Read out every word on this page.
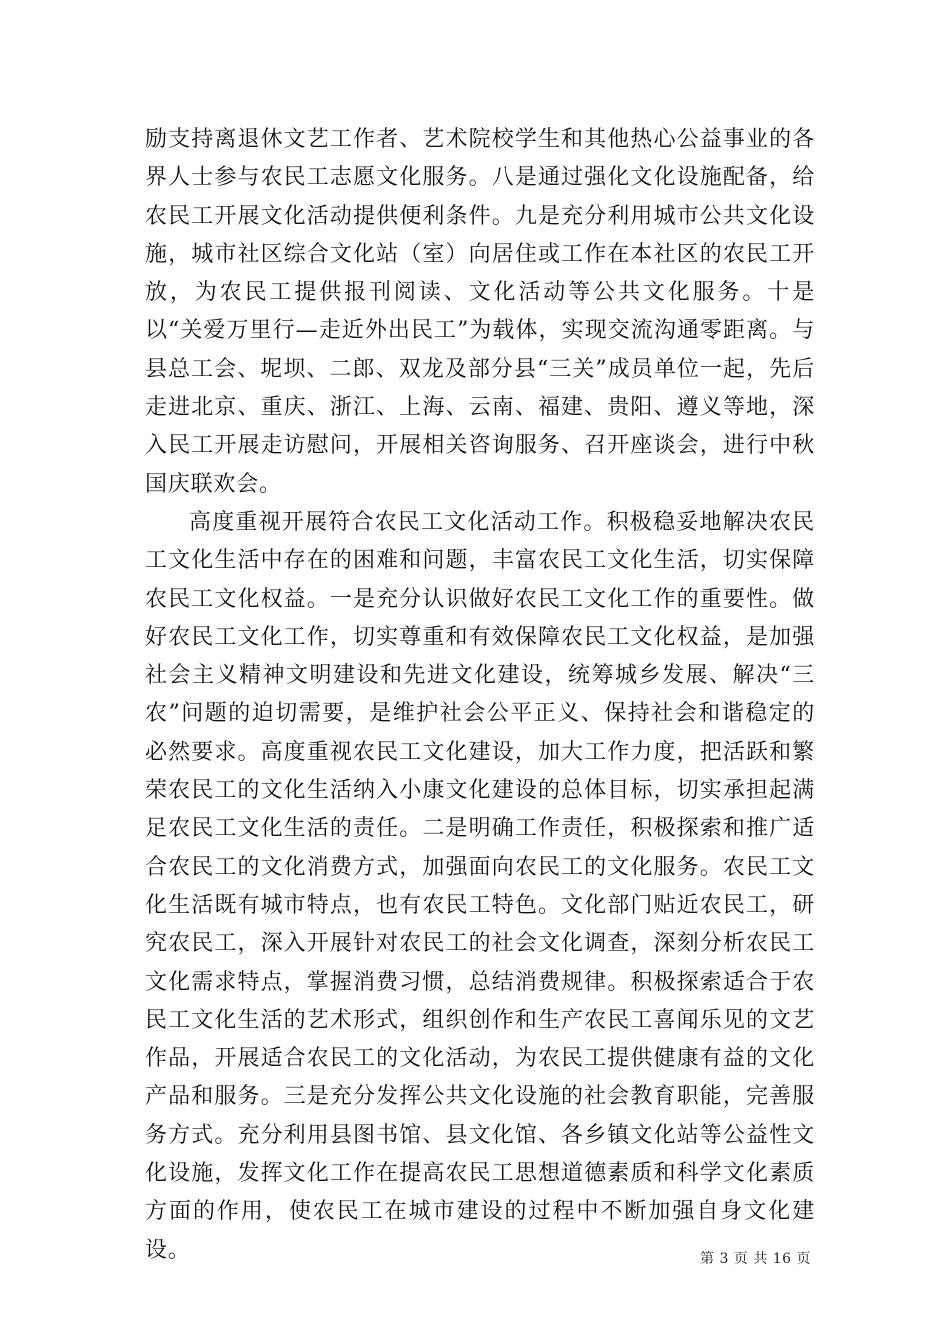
励支持离退休文艺工作者、艺术院校学生和其他热心公益事业的各界人士参与农民工志愿文化服务。八是通过强化文化设施配备，给农民工开展文化活动提供便利条件。九是充分利用城市公共文化设施，城市社区综合文化站（室）向居住或工作在本社区的农民工开放，为农民工提供报刊阅读、文化活动等公共文化服务。十是以“关爱万里行—走近外出民工”为载体，实现交流沟通零距离。与县总工会、坭坝、二郎、双龙及部分县“三关”成员单位一起，先后走进北京、重庆、浙江、上海、云南、福建、贵阳、遵义等地，深入民工开展走访慰问，开展相关咨询服务、召开座谈会，进行中秋国庆联欢会。

高度重视开展符合农民工文化活动工作。积极稳妥地解决农民工文化生活中存在的困难和问题，丰富农民工文化生活，切实保障农民工文化权益。一是充分认识做好农民工文化工作的重要性。做好农民工文化工作，切实尊重和有效保障农民工文化权益，是加强社会主义精神文明建设和先进文化建设，统筹城乡发展、解决“三农”问题的迫切需要，是维护社会公平正义、保持社会和谐稳定的必然要求。高度重视农民工文化建设，加大工作力度，把活跃和繁荣农民工的文化生活纳入小康文化建设的总体目标，切实承担起满足农民工文化生活的责任。二是明确工作责任，积极探索和推广适合农民工的文化消费方式，加强面向农民工的文化服务。农民工文化生活既有城市特点，也有农民工特色。文化部门贴近农民工，研究农民工，深入开展针对农民工的社会文化调查，深刻分析农民工文化需求特点，掌握消费习惯，总结消费规律。积极探索适合于农民工文化生活的艺术形式，组织创作和生产农民工喜闻乐见的文艺作品，开展适合农民工的文化活动，为农民工提供健康有益的文化产品和服务。三是充分发挥公共文化设施的社会教育职能，完善服务方式。充分利用县图书馆、县文化馆、各乡镇文化站等公益性文化设施，发挥文化工作在提高农民工思想道德素质和科学文化素质方面的作用，使农民工在城市建设的过程中不断加强自身文化建设。	第 3 页 共 16 页
